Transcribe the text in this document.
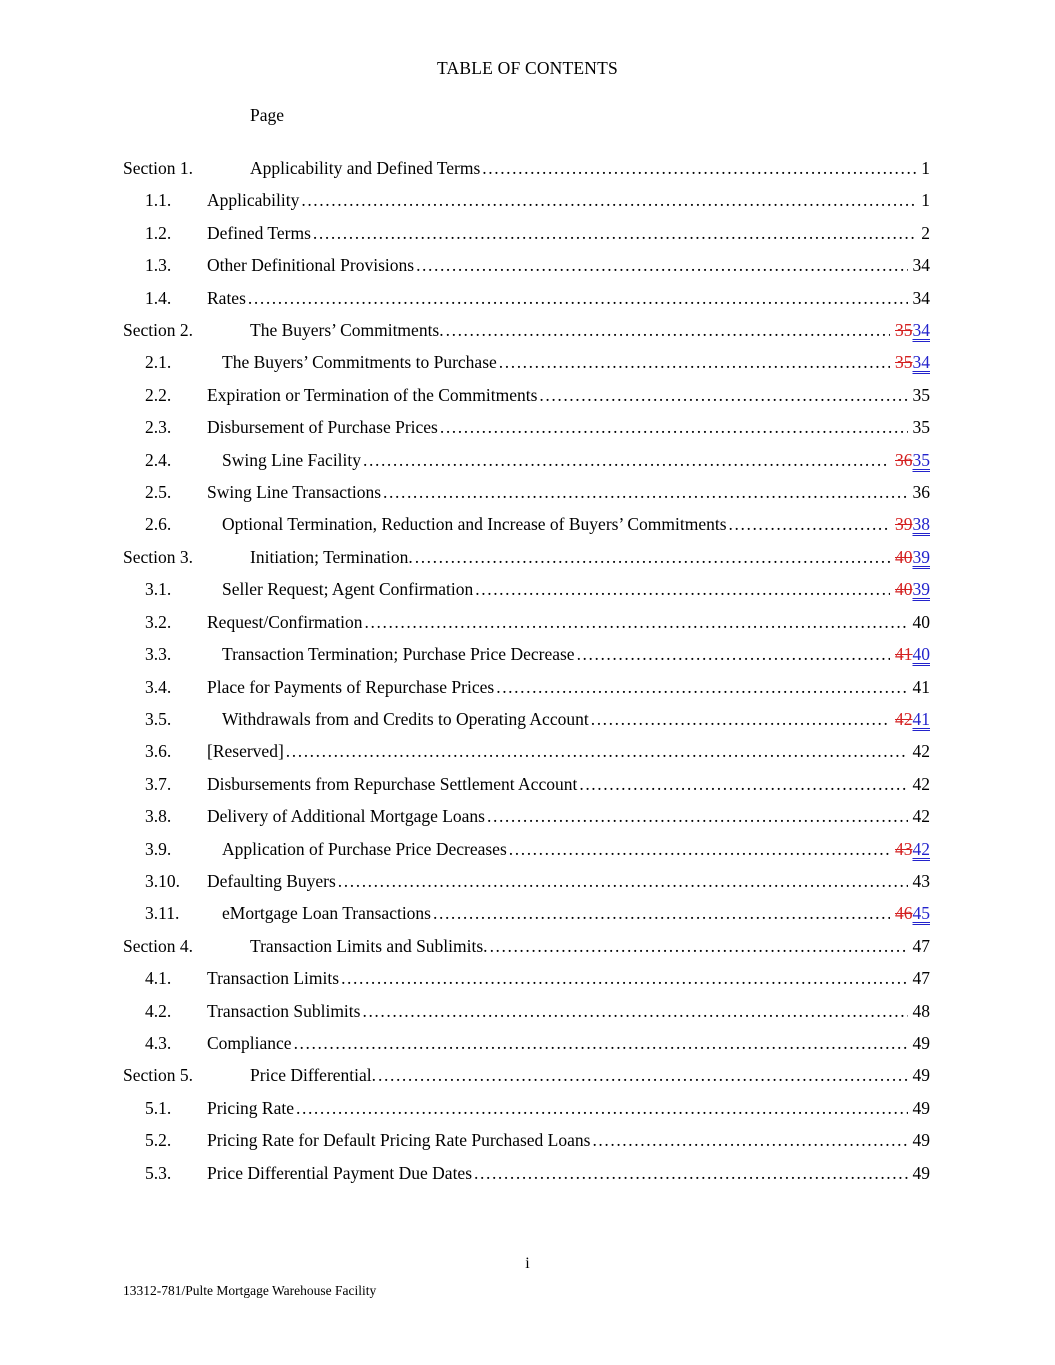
TABLE OF CONTENTS
Page
Section 1.	Applicability and Defined Terms .....	1
1.1.	Applicability .....	1
1.2.	Defined Terms .....	2
1.3.	Other Definitional Provisions .....	34
1.4.	Rates .....	34
Section 2.	The Buyers’ Commitments. .....	3534
2.1.	The Buyers’ Commitments to Purchase .....	3534
2.2.	Expiration or Termination of the Commitments .....	35
2.3.	Disbursement of Purchase Prices .....	35
2.4.	Swing Line Facility .....	3635
2.5.	Swing Line Transactions .....	36
2.6.	Optional Termination, Reduction and Increase of Buyers’ Commitments .....	3938
Section 3.	Initiation; Termination. .....	4039
3.1.	Seller Request; Agent Confirmation .....	4039
3.2.	Request/Confirmation .....	40
3.3.	Transaction Termination; Purchase Price Decrease .....	4140
3.4.	Place for Payments of Repurchase Prices .....	41
3.5.	Withdrawals from and Credits to Operating Account .....	4241
3.6.	[Reserved] .....	42
3.7.	Disbursements from Repurchase Settlement Account .....	42
3.8.	Delivery of Additional Mortgage Loans .....	42
3.9.	Application of Purchase Price Decreases .....	4342
3.10.	Defaulting Buyers .....	43
3.11.	eMortgage Loan Transactions .....	4645
Section 4.	Transaction Limits and Sublimits. .....	47
4.1.	Transaction Limits .....	47
4.2.	Transaction Sublimits .....	48
4.3.	Compliance .....	49
Section 5.	Price Differential. .....	49
5.1.	Pricing Rate .....	49
5.2.	Pricing Rate for Default Pricing Rate Purchased Loans .....	49
5.3.	Price Differential Payment Due Dates .....	49
i
13312-781/Pulte Mortgage Warehouse Facility
